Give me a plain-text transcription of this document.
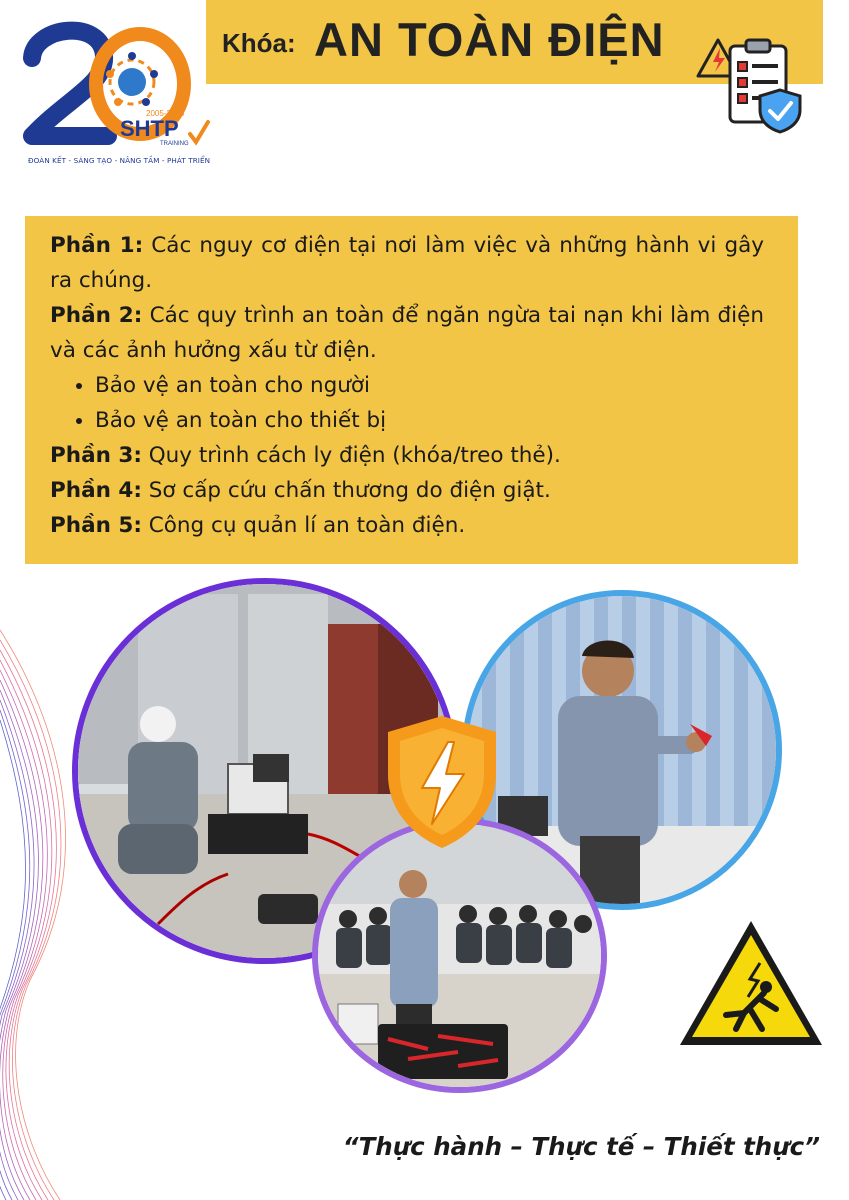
2005-2025
SHTP
TRAINING
ĐOÀN KẾT - SÁNG TẠO - NÂNG TẦM - PHÁT TRIỂN
Khóa: AN TOÀN ĐIỆN

Phần 1: Các nguy cơ điện tại nơi làm việc và những hành vi gây ra chúng.

Phần 2: Các quy trình an toàn để ngăn ngừa tai nạn khi làm điện và các ảnh hưởng xấu từ điện.

• Bảo vệ an toàn cho người
• Bảo vệ an toàn cho thiết bị

Phần 3: Quy trình cách ly điện (khóa/treo thẻ).

Phần 4: Sơ cấp cứu chấn thương do điện giật.

Phần 5: Công cụ quản lí an toàn điện.

“Thực hành – Thực tế – Thiết thực”
